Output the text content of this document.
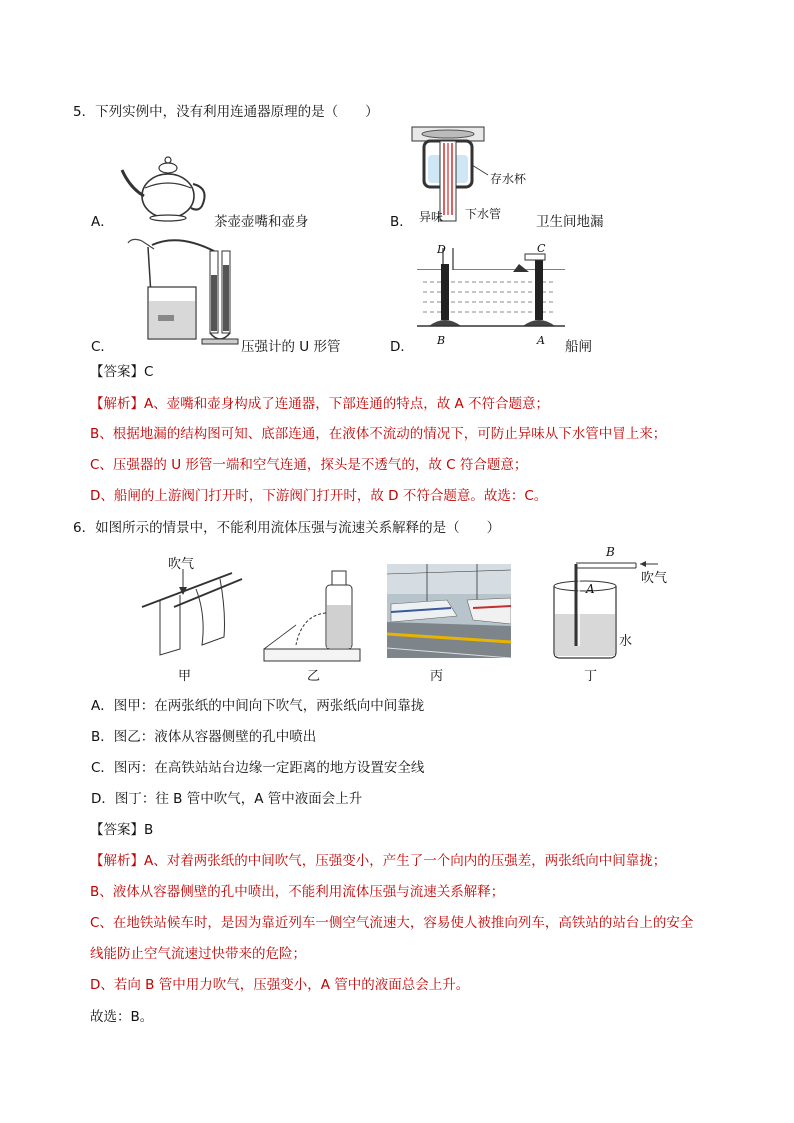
5．下列实例中，没有利用连通器原理的是（　　）
A．	茶壶壶嘴和壶身	B．
存水杯
异味 下水管	卫生间地漏
C．	压强计的 U 形管	D．
D	C
B	A 船闸
【答案】C
【解析】A、壶嘴和壶身构成了连通器，下部连通的特点，故 A 不符合题意；
B、根据地漏的结构图可知、底部连通，在液体不流动的情况下，可防止异味从下水管中冒上来；
C、压强器的 U 形管一端和空气连通，探头是不透气的，故 C 符合题意；
D、船闸的上游阀门打开时，下游阀门打开时，故 D 不符合题意。故选：C。
6．如图所示的情景中，不能利用流体压强与流速关系解释的是（　　）
吹气
甲	乙	丙
B
A
吹气
水
丁
A．图甲：在两张纸的中间向下吹气，两张纸向中间靠拢
B．图乙：液体从容器侧壁的孔中喷出
C．图丙：在高铁站站台边缘一定距离的地方设置安全线
D．图丁：往 B 管中吹气，A 管中液面会上升
【答案】B
【解析】A、对着两张纸的中间吹气，压强变小，产生了一个向内的压强差，两张纸向中间靠拢；
B、液体从容器侧壁的孔中喷出，不能利用流体压强与流速关系解释；
C、在地铁站候车时，是因为靠近列车一侧空气流速大，容易使人被推向列车，高铁站的站台上的安全
线能防止空气流速过快带来的危险；
D、若向 B 管中用力吹气，压强变小，A 管中的液面总会上升。
故选：B。
